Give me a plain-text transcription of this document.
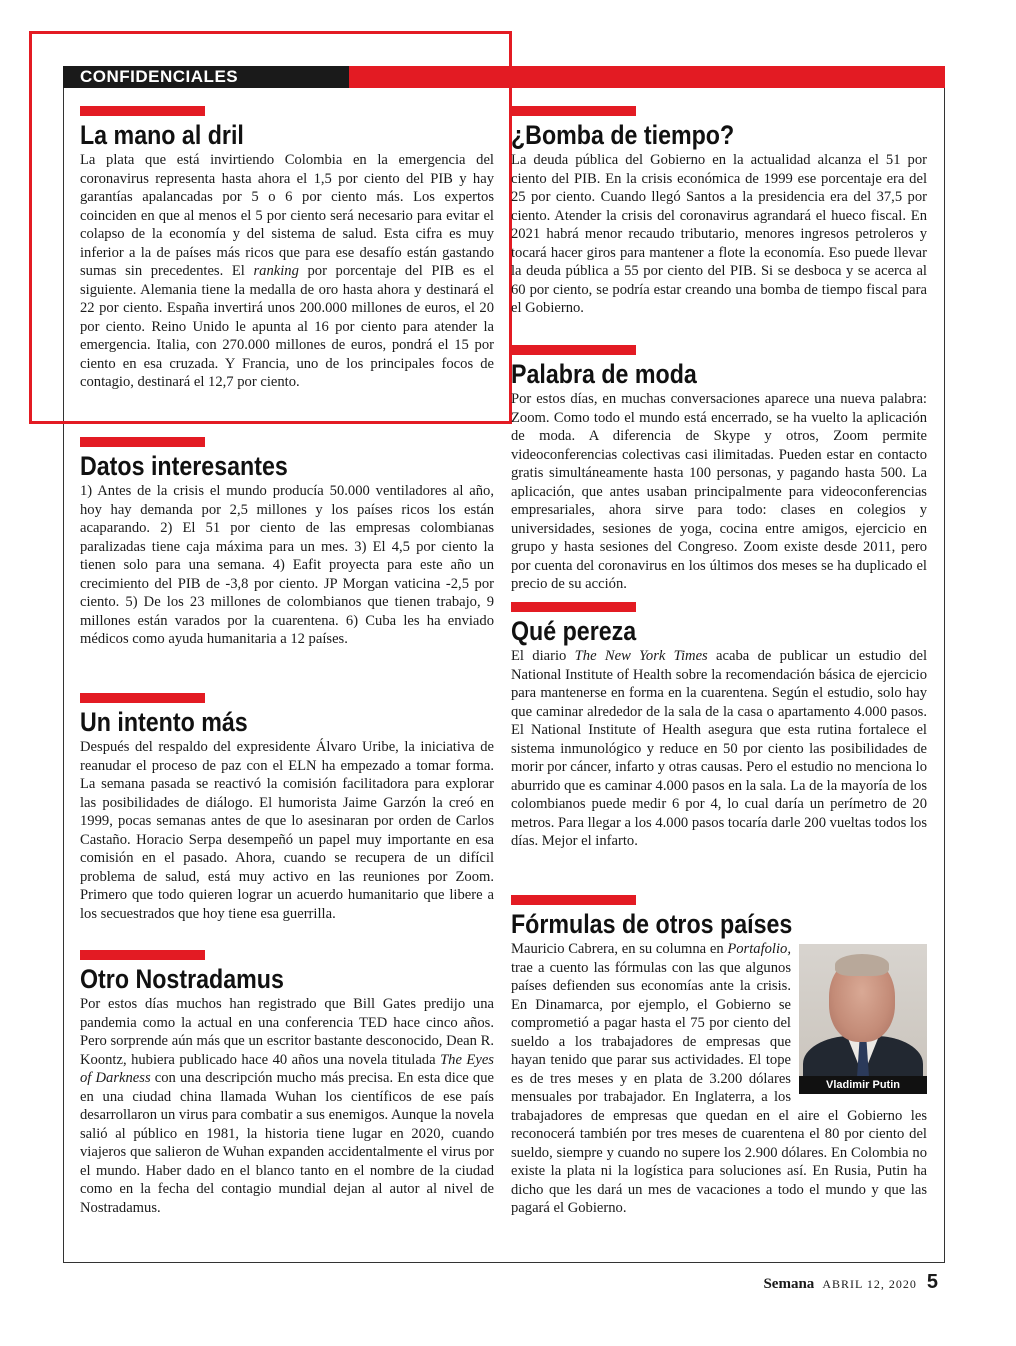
CONFIDENCIALES
La mano al dril

La plata que está invirtiendo Colombia en la emergencia del coronavirus representa hasta ahora el 1,5 por ciento del PIB y hay garantías apalancadas por 5 o 6 por ciento más. Los expertos coinciden en que al menos el 5 por ciento será necesario para evitar el colapso de la economía y del sistema de salud. Esta cifra es muy inferior a la de países más ricos que para ese desafío están gastando sumas sin precedentes. El ranking por porcentaje del PIB es el siguiente. Alemania tiene la medalla de oro hasta ahora y destinará el 22 por ciento. España invertirá unos 200.000 millones de euros, el 20 por ciento. Reino Unido le apunta al 16 por ciento para atender la emergencia. Italia, con 270.000 millones de euros, pondrá el 15 por ciento en esa cruzada. Y Francia, uno de los principales focos de contagio, destinará el 12,7 por ciento.

Datos interesantes

1) Antes de la crisis el mundo producía 50.000 ventiladores al año, hoy hay demanda por 2,5 millones y los países ricos los están acaparando. 2) El 51 por ciento de las empresas colombianas paralizadas tiene caja máxima para un mes. 3) El 4,5 por ciento la tienen solo para una semana. 4) Eafit proyecta para este año un crecimiento del PIB de -3,8 por ciento. JP Morgan vaticina -2,5 por ciento. 5) De los 23 millones de colombianos que tienen trabajo, 9 millones están varados por la cuarentena. 6) Cuba les ha enviado médicos como ayuda humanitaria a 12 países.

Un intento más

Después del respaldo del expresidente Álvaro Uribe, la iniciativa de reanudar el proceso de paz con el ELN ha empezado a tomar forma. La semana pasada se reactivó la comisión facilitadora para explorar las posibilidades de diálogo. El humorista Jaime Garzón la creó en 1999, pocas semanas antes de que lo asesinaran por orden de Carlos Castaño. Horacio Serpa desempeñó un papel muy importante en esa comisión en el pasado. Ahora, cuando se recupera de un difícil problema de salud, está muy activo en las reuniones por Zoom. Primero que todo quieren lograr un acuerdo humanitario que libere a los secuestrados que hoy tiene esa guerrilla.

Otro Nostradamus

Por estos días muchos han registrado que Bill Gates predijo una pandemia como la actual en una conferencia TED hace cinco años. Pero sorprende aún más que un escritor bastante desconocido, Dean R. Koontz, hubiera publicado hace 40 años una novela titulada The Eyes of Darkness con una descripción mucho más precisa. En esta dice que en una ciudad china llamada Wuhan los científicos de ese país desarrollaron un virus para combatir a sus enemigos. Aunque la novela salió al público en 1981, la historia tiene lugar en 2020, cuando viajeros que salieron de Wuhan expanden accidentalmente el virus por el mundo. Haber dado en el blanco tanto en el nombre de la ciudad como en la fecha del contagio mundial dejan al autor al nivel de Nostradamus.

¿Bomba de tiempo?

La deuda pública del Gobierno en la actualidad alcanza el 51 por ciento del PIB. En la crisis económica de 1999 ese porcentaje era del 25 por ciento. Cuando llegó Santos a la presidencia era del 37,5 por ciento. Atender la crisis del coronavirus agrandará el hueco fiscal. En 2021 habrá menor recaudo tributario, menores ingresos petroleros y tocará hacer giros para mantener a flote la economía. Eso puede llevar la deuda pública a 55 por ciento del PIB. Si se desboca y se acerca al 60 por ciento, se podría estar creando una bomba de tiempo fiscal para el Gobierno.

Palabra de moda

Por estos días, en muchas conversaciones aparece una nueva palabra: Zoom. Como todo el mundo está encerrado, se ha vuelto la aplicación de moda. A diferencia de Skype y otros, Zoom permite videoconferencias colectivas casi ilimitadas. Pueden estar en contacto gratis simultáneamente hasta 100 personas, y pagando hasta 500. La aplicación, que antes usaban principalmente para videoconferencias empresariales, ahora sirve para todo: clases en colegios y universidades, sesiones de yoga, cocina entre amigos, ejercicio en grupo y hasta sesiones del Congreso. Zoom existe desde 2011, pero por cuenta del coronavirus en los últimos dos meses se ha duplicado el precio de su acción.

Qué pereza

El diario The New York Times acaba de publicar un estudio del National Institute of Health sobre la recomendación básica de ejercicio para mantenerse en forma en la cuarentena. Según el estudio, solo hay que caminar alrededor de la sala de la casa o apartamento 4.000 pasos. El National Institute of Health asegura que esta rutina fortalece el sistema inmunológico y reduce en 50 por ciento las posibilidades de morir por cáncer, infarto y otras causas. Pero el estudio no menciona lo aburrido que es caminar 4.000 pasos en la sala. La de la mayoría de los colombianos puede medir 6 por 4, lo cual daría un perímetro de 20 metros. Para llegar a los 4.000 pasos tocaría darle 200 vueltas todos los días. Mejor el infarto.

Fórmulas de otros países
Vladimir Putin

Mauricio Cabrera, en su columna en Portafolio, trae a cuento las fórmulas con las que algunos países defienden sus economías ante la crisis. En Dinamarca, por ejemplo, el Gobierno se comprometió a pagar hasta el 75 por ciento del sueldo a los trabajadores de empresas que hayan tenido que parar sus actividades. El tope es de tres meses y en plata de 3.200 dólares mensuales por trabajador. En Inglaterra, a los trabajadores de empresas que quedan en el aire el Gobierno les reconocerá también por tres meses de cuarentena el 80 por ciento del sueldo, siempre y cuando no supere los 2.900 dólares. En Colombia no existe la plata ni la logística para soluciones así. En Rusia, Putin ha dicho que les dará un mes de vacaciones a todo el mundo y que las pagará el Gobierno.

Semana ABRIL 12, 2020 5
